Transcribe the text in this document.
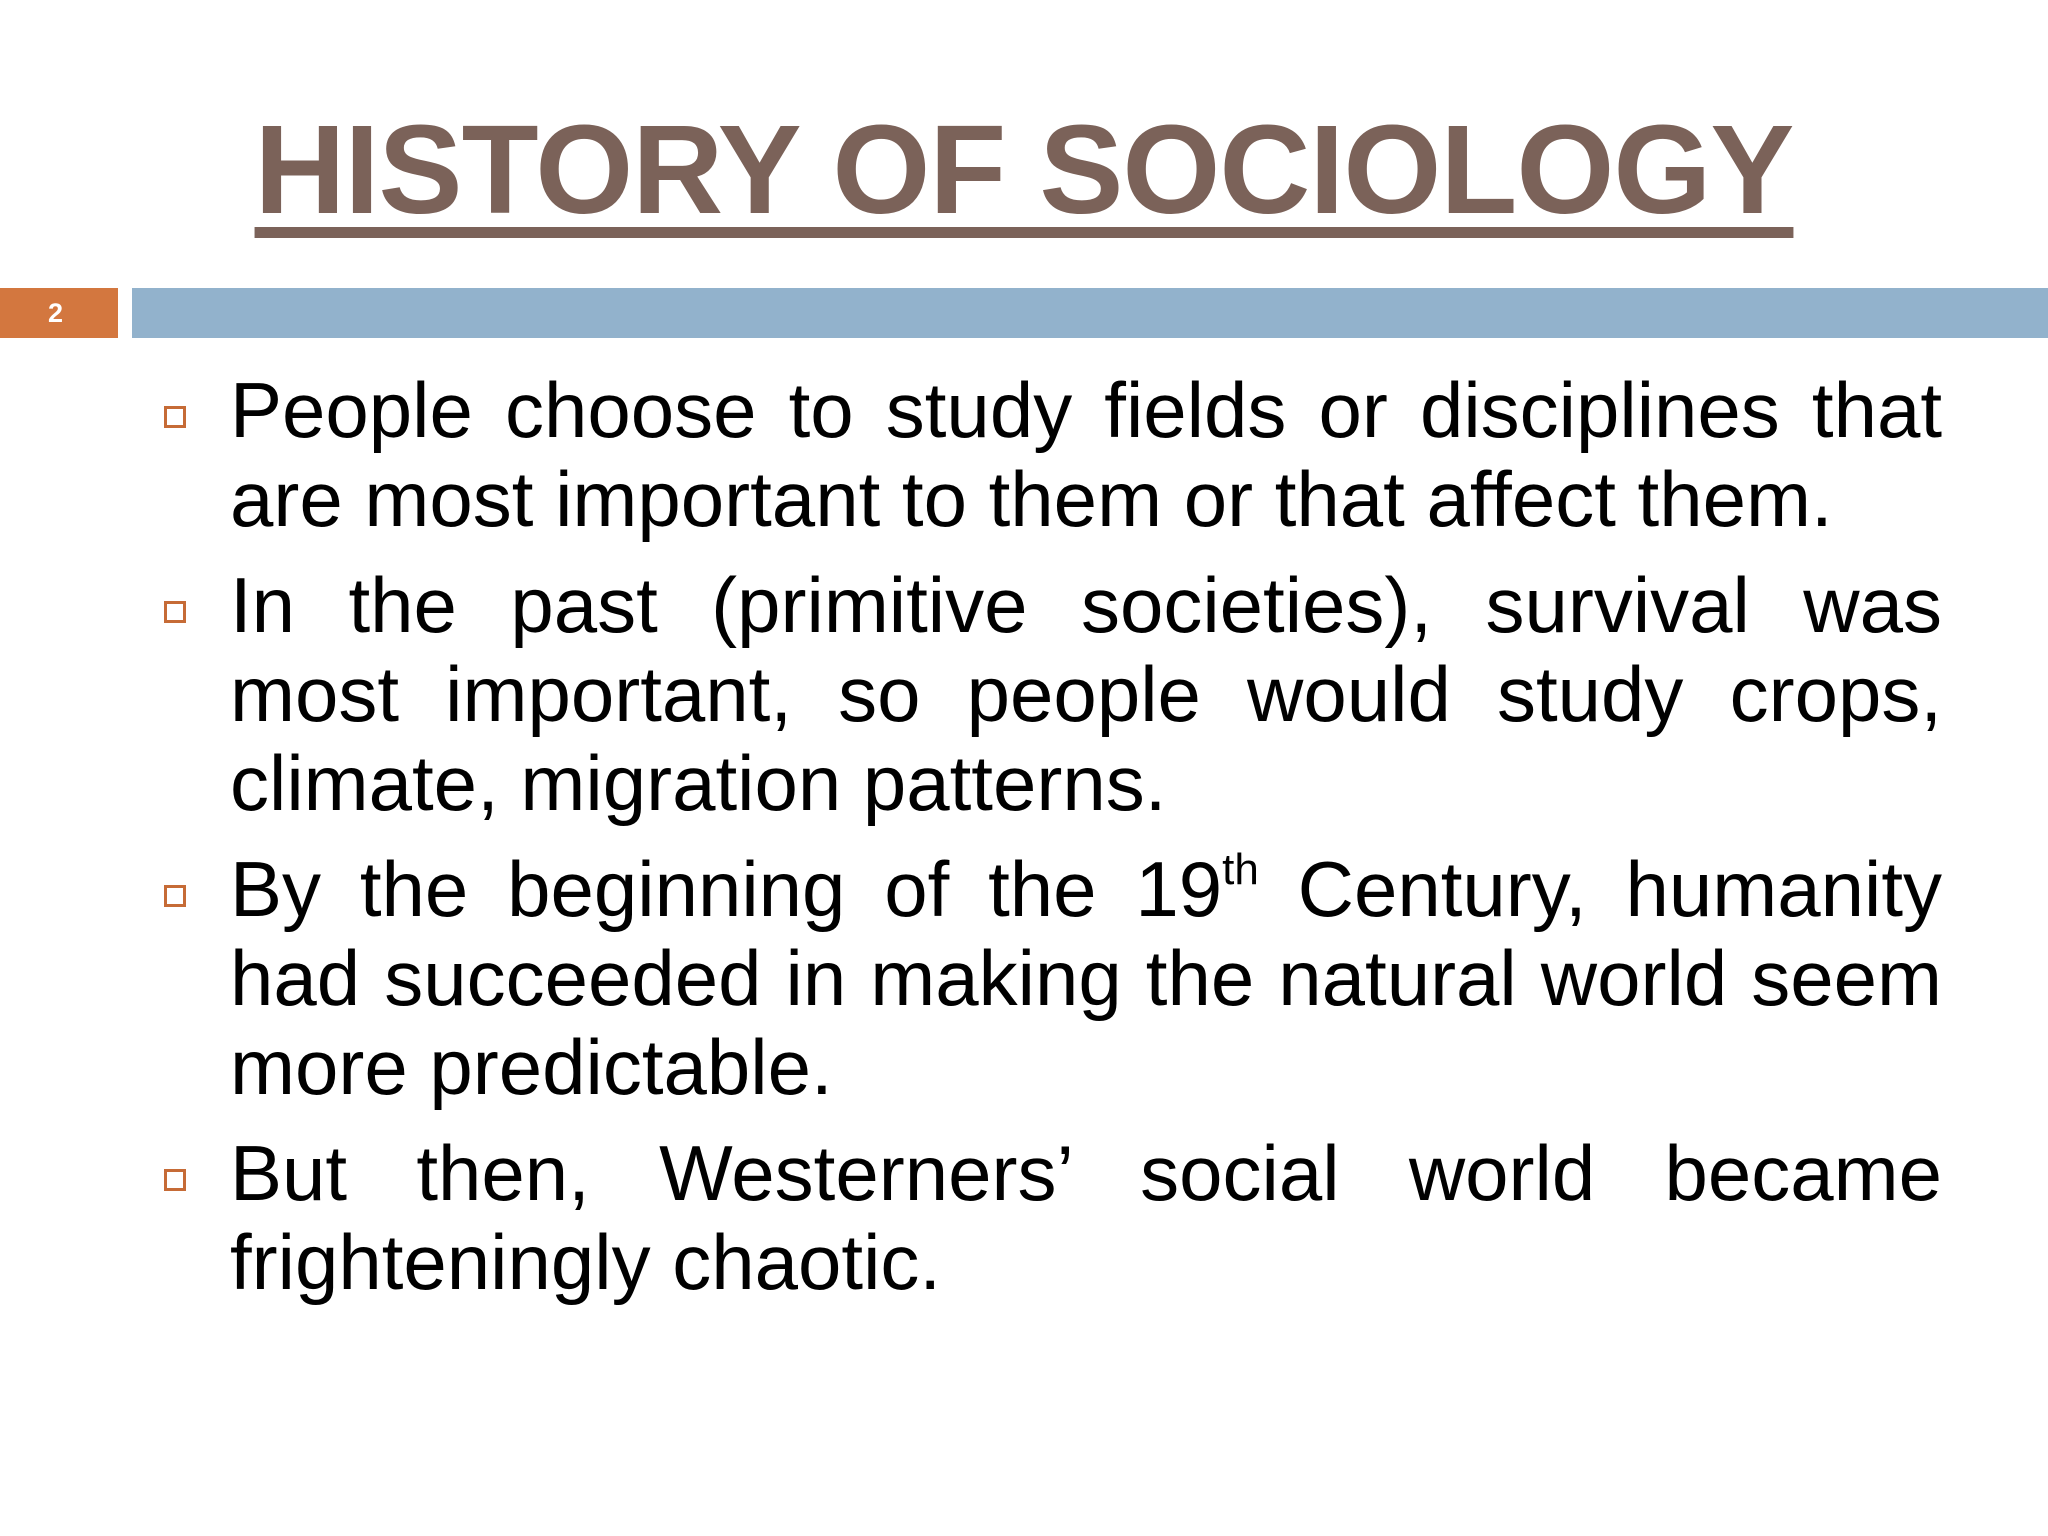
HISTORY OF SOCIOLOGY
2
People choose to study fields or disciplines that are most important to them or that affect them.
In the past (primitive societies), survival was most important, so people would study crops, climate, migration patterns.
By the beginning of the 19th Century, humanity had succeeded in making the natural world seem more predictable.
But then, Westerners’ social world became frighteningly chaotic.
